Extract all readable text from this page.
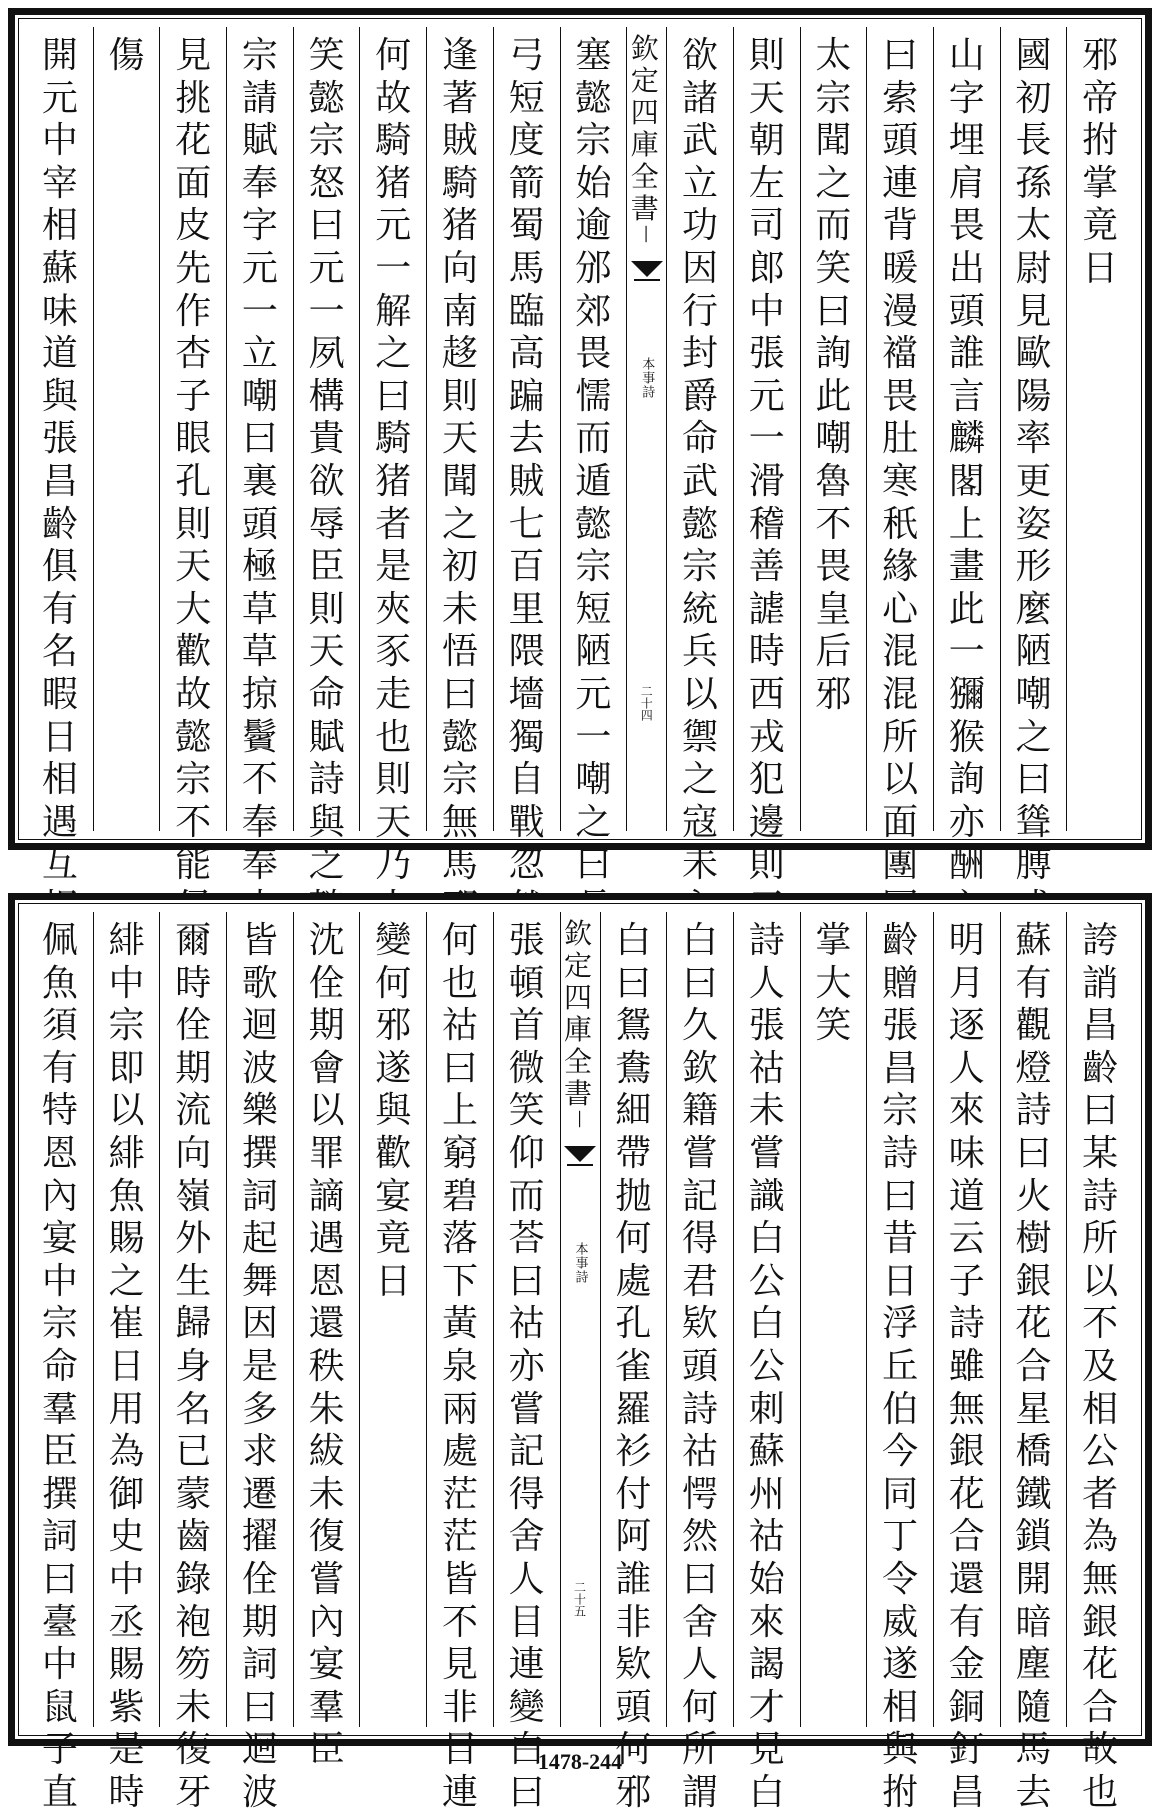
邪
帝
拊
掌
竟
日
國
初
長
孫
太
尉
見
歐
陽
率
更
姿
形
麼
陋
嘲
之
曰
聳
膊
山
字
埋
肩
畏
出
頭
誰
言
麟
閣
上
畫
此
一
獼
猴
詢
亦
酬
曰
索
頭
連
背
暖
漫
襠
畏
肚
寒
秖
緣
心
混
混
所
以
面
團
太
宗
聞
之
而
笑
曰
詢
此
嘲
魯
不
畏
皇
后
邪
則
天
朝
左
司
郎
中
張
元
一
滑
稽
善
謔
時
西
戎
犯
邊
則
欲
諸
武
立
功
因
行
封
爵
命
武
懿
宗
統
兵
以
禦
之
寇
未
欽
定
四
庫
全
書
—
本事詩
二十四
塞
懿
宗
始
逾
邠
郊
畏
懦
而
遁
懿
宗
短
陋
元
一
嘲
之
曰
弓
短
度
箭
蜀
馬
臨
高
蹁
去
賊
七
百
里
隈
墻
獨
自
戰
忽
逢
著
賊
騎
猪
向
南
趍
則
天
聞
之
初
未
悟
曰
懿
宗
無
馬
何
故
騎
猪
元
一
解
之
曰
騎
猪
者
是
夾
豕
走
也
則
天
乃
笑
懿
宗
怒
曰
元
一
夙
構
貴
欲
辱
臣
則
天
命
賦
詩
與
之
宗
請
賦
奉
字
元
一
立
嘲
曰
裏
頭
極
草
草
掠
鬢
不
奉
奉
見
挑
花
面
皮
先
作
杏
子
眼
孔
則
天
大
歡
故
懿
宗
不
能
傷
開
元
中
宰
相
蘇
味
道
與
張
昌
齡
俱
有
名
暇
日
相
遇
互
誇
誚
昌
齡
曰
某
詩
所
以
不
及
相
公
者
為
無
銀
花
合
故
也
蘇
有
觀
燈
詩
曰
火
樹
銀
花
合
星
橋
鐵
鎖
開
暗
塵
隨
馬
去
明
月
逐
人
來
味
道
云
子
詩
雖
無
銀
花
合
還
有
金
銅
釘
昌
齡
贈
張
昌
宗
詩
曰
昔
日
浮
丘
伯
今
同
丁
令
威
遂
相
與
拊
掌
大
笑
詩
人
張
祜
未
嘗
識
白
公
白
公
刺
蘇
州
祜
始
來
謁
才
見
白
白
曰
久
欽
籍
嘗
記
得
君
欵
頭
詩
祜
愕
然
曰
舍
人
何
所
謂
白
曰
鴛
鴦
細
帶
抛
何
處
孔
雀
羅
衫
付
阿
誰
非
欵
頭
何
邪
欽
定
四
庫
全
書
—
本事詩
二十五
張
頓
首
微
笑
仰
而
荅
曰
祜
亦
嘗
記
得
舍
人
目
連
變
白
曰
何
也
祜
曰
上
窮
碧
落
下
黃
泉
兩
處
茫
茫
皆
不
見
非
目
連
變
何
邪
遂
與
歡
宴
竟
日
沈
佺
期
會
以
罪
謫
遇
恩
還
秩
朱
紱
未
復
嘗
內
宴
羣
臣
皆
歌
迴
波
樂
撰
詞
起
舞
因
是
多
求
遷
擢
佺
期
詞
曰
迴
波
爾
時
佺
期
流
向
嶺
外
生
歸
身
名
已
蒙
齒
錄
袍
笏
未
復
牙
緋
中
宗
即
以
緋
魚
賜
之
崔
日
用
為
御
史
中
丞
賜
紫
是
時
佩
魚
須
有
特
恩
內
宴
中
宗
命
羣
臣
撰
詞
曰
臺
中
鼠
子
直
1478-244
